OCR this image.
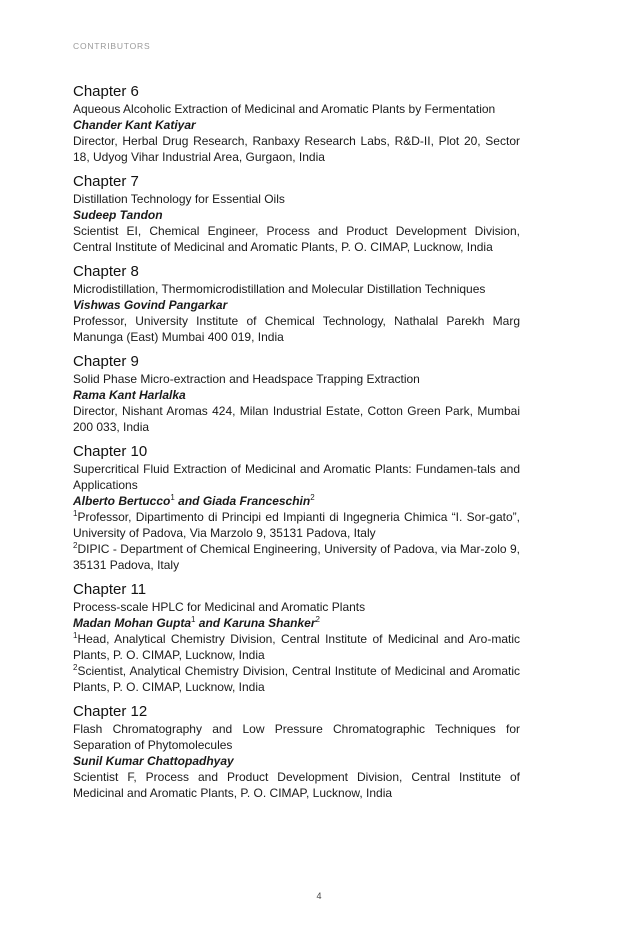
CONTRIBUTORS
Chapter 6
Aqueous Alcoholic Extraction of Medicinal and Aromatic Plants by Fermentation
Chander Kant Katiyar
Director, Herbal Drug Research, Ranbaxy Research Labs, R&D-II, Plot 20, Sector 18, Udyog Vihar Industrial Area, Gurgaon, India
Chapter 7
Distillation Technology for Essential Oils
Sudeep Tandon
Scientist EI, Chemical Engineer, Process and Product Development Division, Central Institute of Medicinal and Aromatic Plants, P. O. CIMAP, Lucknow, India
Chapter 8
Microdistillation, Thermomicrodistillation and Molecular Distillation Techniques
Vishwas Govind Pangarkar
Professor, University Institute of Chemical Technology, Nathalal Parekh Marg Manunga (East) Mumbai 400 019, India
Chapter 9
Solid Phase Micro-extraction and Headspace Trapping Extraction
Rama Kant Harlalka
Director, Nishant Aromas 424, Milan Industrial Estate, Cotton Green Park, Mumbai 200 033, India
Chapter 10
Supercritical Fluid Extraction of Medicinal and Aromatic Plants: Fundamen-tals and Applications
Alberto Bertucco$^1$ and Giada Franceschin$^2$
$^1$Professor, Dipartimento di Principi ed Impianti di Ingegneria Chimica “I. Sor-gato”, University of Padova, Via Marzolo 9, 35131 Padova, Italy
$^2$DIPIC - Department of Chemical Engineering, University of Padova, via Mar-zolo 9, 35131 Padova, Italy
Chapter 11
Process-scale HPLC for Medicinal and Aromatic Plants
Madan Mohan Gupta$^1$ and Karuna Shanker$^2$
$^1$Head, Analytical Chemistry Division, Central Institute of Medicinal and Aro-matic Plants, P. O. CIMAP, Lucknow, India
$^2$Scientist, Analytical Chemistry Division, Central Institute of Medicinal and Aromatic Plants, P. O. CIMAP, Lucknow, India
Chapter 12
Flash Chromatography and Low Pressure Chromatographic Techniques for Separation of Phytomolecules
Sunil Kumar Chattopadhyay
Scientist F, Process and Product Development Division, Central Institute of Medicinal and Aromatic Plants, P. O. CIMAP, Lucknow, India
4
